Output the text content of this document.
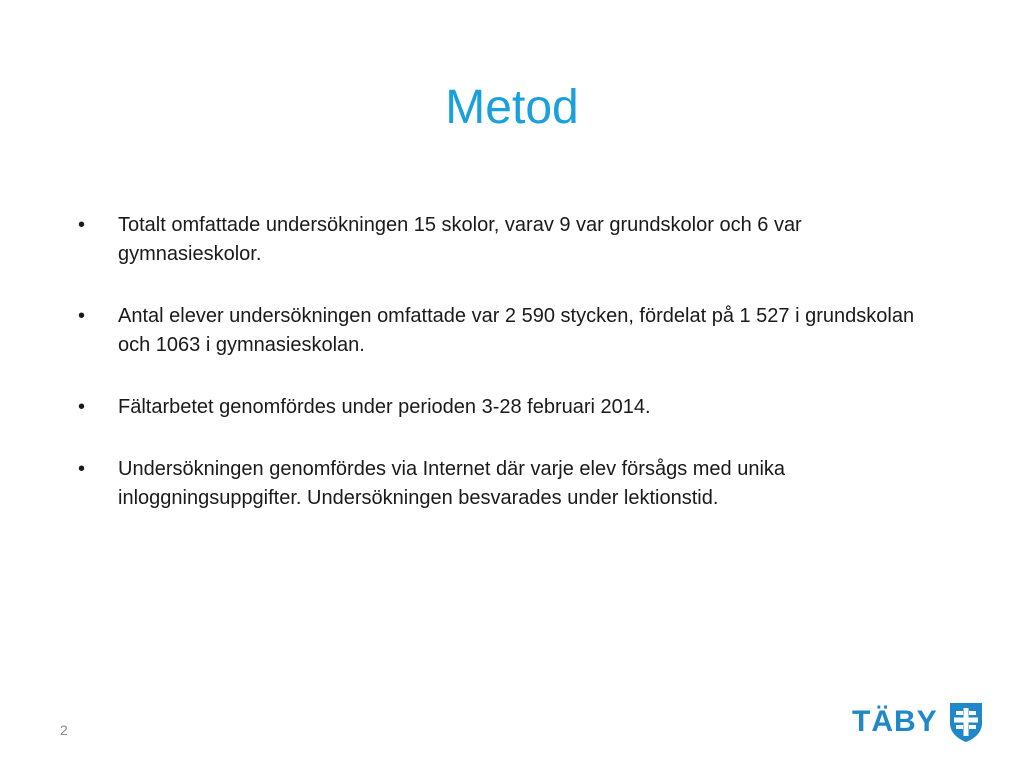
Metod
•	Totalt omfattade undersökningen 15 skolor, varav 9 var grundskolor och 6 var gymnasieskolor.
•	Antal elever undersökningen omfattade var 2 590 stycken, fördelat på 1 527 i grundskolan och 1063 i gymnasieskolan.
•	Fältarbetet genomfördes under perioden 3-28 februari 2014.
•	Undersökningen genomfördes via Internet där varje elev försågs med unika inloggningsuppgifter. Undersökningen besvarades under lektionstid.
2	TÄBY
